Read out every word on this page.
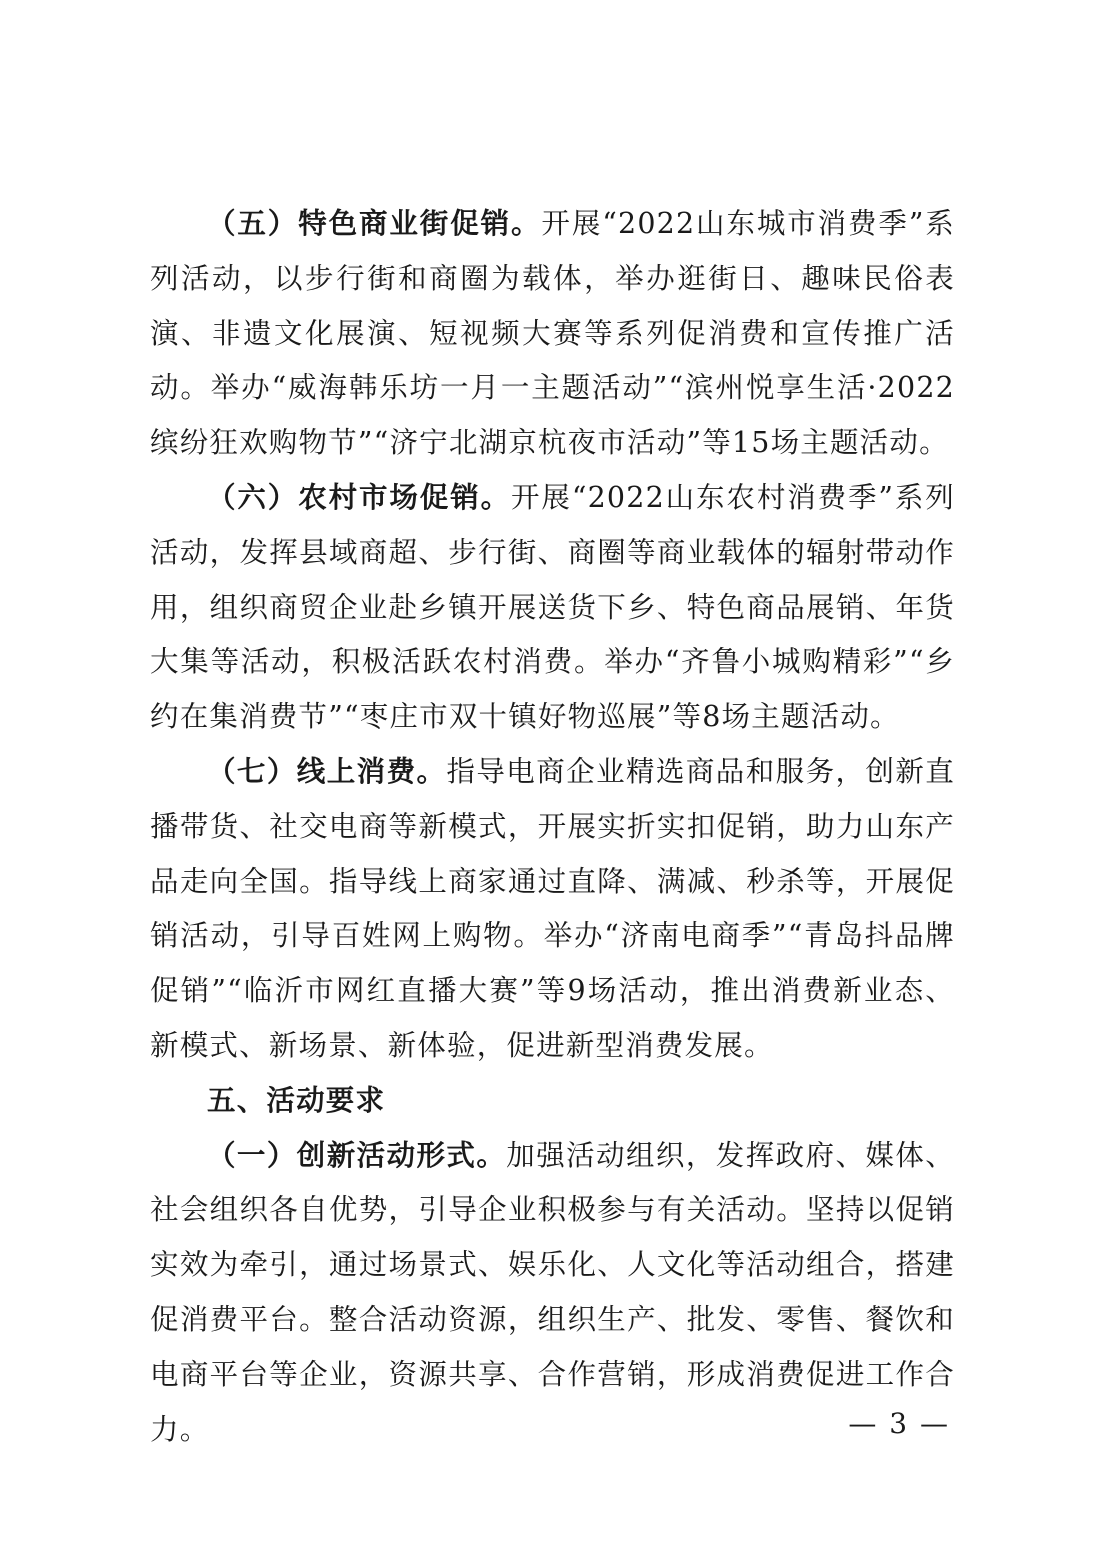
（五）特色商业街促销。开展“2022山东城市消费季”系列活动，以步行街和商圈为载体，举办逛街日、趣味民俗表演、非遗文化展演、短视频大赛等系列促消费和宣传推广活动。举办“威海韩乐坊一月一主题活动”“滨州悦享生活·2022缤纷狂欢购物节”“济宁北湖京杭夜市活动”等15场主题活动。

（六）农村市场促销。开展“2022山东农村消费季”系列活动，发挥县域商超、步行街、商圈等商业载体的辐射带动作用，组织商贸企业赴乡镇开展送货下乡、特色商品展销、年货大集等活动，积极活跃农村消费。举办“齐鲁小城购精彩”“乡约在集消费节”“枣庄市双十镇好物巡展”等8场主题活动。

（七）线上消费。指导电商企业精选商品和服务，创新直播带货、社交电商等新模式，开展实折实扣促销，助力山东产品走向全国。指导线上商家通过直降、满减、秒杀等，开展促销活动，引导百姓网上购物。举办“济南电商季”“青岛抖品牌促销”“临沂市网红直播大赛”等9场活动，推出消费新业态、新模式、新场景、新体验，促进新型消费发展。

五、活动要求

（一）创新活动形式。加强活动组织，发挥政府、媒体、社会组织各自优势，引导企业积极参与有关活动。坚持以促销实效为牵引，通过场景式、娱乐化、人文化等活动组合，搭建促消费平台。整合活动资源，组织生产、批发、零售、餐饮和电商平台等企业，资源共享、合作营销，形成消费促进工作合力。	— 3 —
